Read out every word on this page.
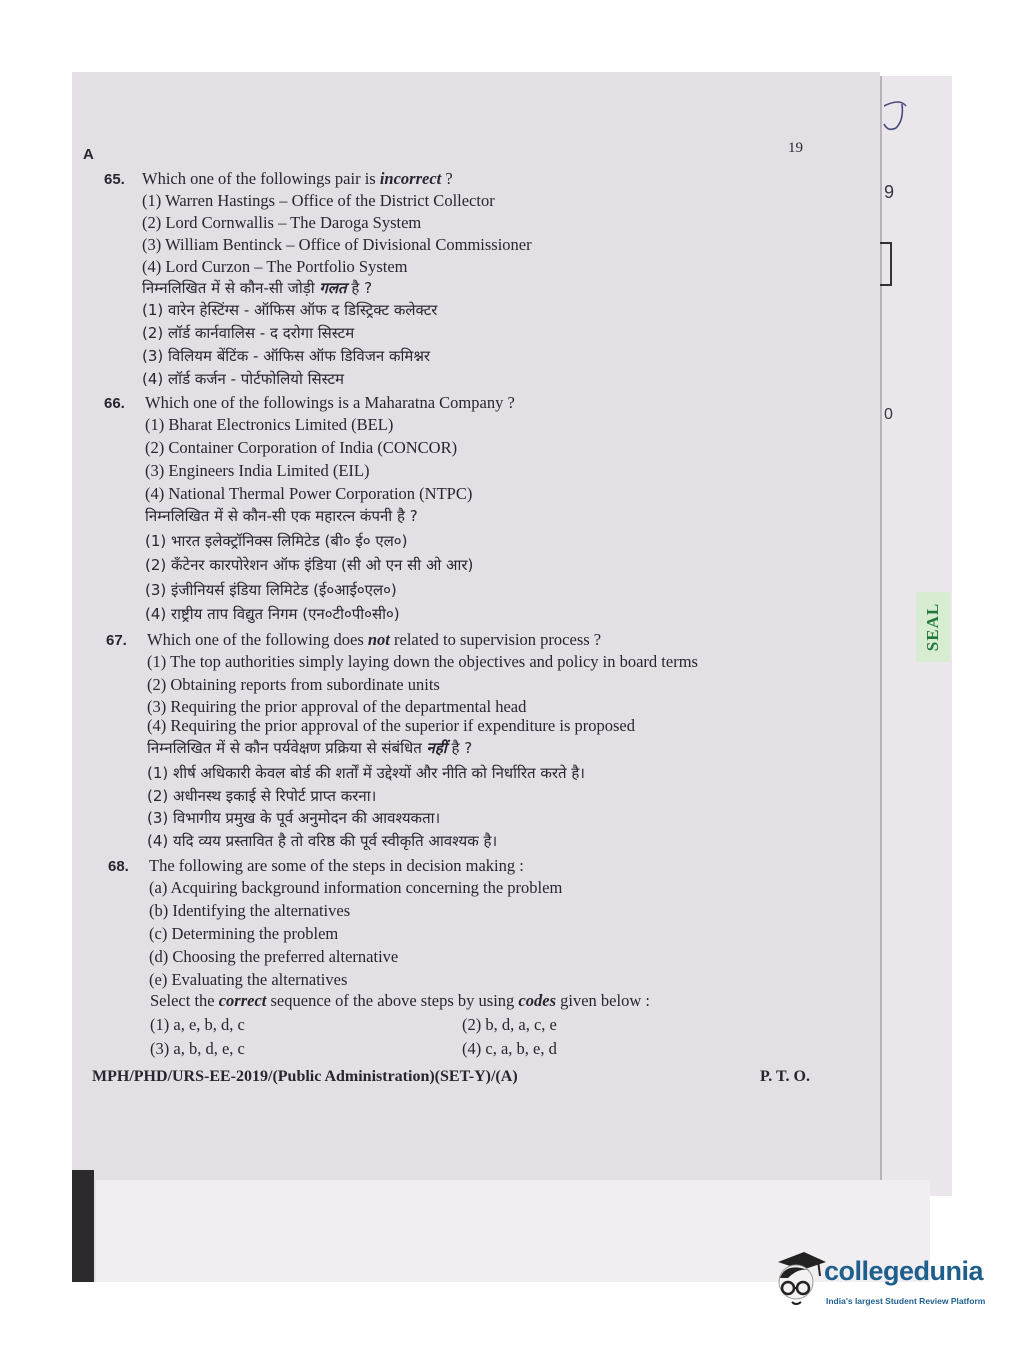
A	19
65. Which one of the followings pair is incorrect ?
(1) Warren Hastings – Office of the District Collector
(2) Lord Cornwallis – The Daroga System
(3) William Bentinck – Office of Divisional Commissioner
(4) Lord Curzon – The Portfolio System
निम्नलिखित में से कौन-सी जोड़ी गलत है ?
(1) वारेन हेस्टिंग्स - ऑफिस ऑफ द डिस्ट्रिक्ट कलेक्टर
(2) लॉर्ड कार्नवालिस - द दरोगा सिस्टम
(3) विलियम बेंटिंक - ऑफिस ऑफ डिविजन कमिश्नर
(4) लॉर्ड कर्जन - पोर्टफोलियो सिस्टम
66. Which one of the followings is a Maharatna Company ?
(1) Bharat Electronics Limited (BEL)
(2) Container Corporation of India (CONCOR)
(3) Engineers India Limited (EIL)
(4) National Thermal Power Corporation (NTPC)
निम्नलिखित में से कौन-सी एक महारत्न कंपनी है ?
(1) भारत इलेक्ट्रॉनिक्स लिमिटेड (बी० ई० एल०)
(2) कँटेनर कारपोरेशन ऑफ इंडिया (सी ओ एन सी ओ आर)
(3) इंजीनियर्स इंडिया लिमिटेड (ई०आई०एल०)
(4) राष्ट्रीय ताप विद्युत निगम (एन०टी०पी०सी०)
67. Which one of the following does not related to supervision process ?
(1) The top authorities simply laying down the objectives and policy in board terms
(2) Obtaining reports from subordinate units
(3) Requiring the prior approval of the departmental head
(4) Requiring the prior approval of the superior if expenditure is proposed
निम्नलिखित में से कौन पर्यवेक्षण प्रक्रिया से संबंधित नहीं है ?
(1) शीर्ष अधिकारी केवल बोर्ड की शर्तों में उद्देश्यों और नीति को निर्धारित करते है।
(2) अधीनस्थ इकाई से रिपोर्ट प्राप्त करना।
(3) विभागीय प्रमुख के पूर्व अनुमोदन की आवश्यकता।
(4) यदि व्यय प्रस्तावित है तो वरिष्ठ की पूर्व स्वीकृति आवश्यक है।
68. The following are some of the steps in decision making :
(a) Acquiring background information concerning the problem
(b) Identifying the alternatives
(c) Determining the problem
(d) Choosing the preferred alternative
(e) Evaluating the alternatives
Select the correct sequence of the above steps by using codes given below :
(1) a, e, b, d, c	(2) b, d, a, c, e
(3) a, b, d, e, c	(4) c, a, b, e, d
MPH/PHD/URS-EE-2019/(Public Administration)(SET-Y)/(A)	P. T. O.
9
0
SEAL
collegedunia
India's largest Student Review Platform
